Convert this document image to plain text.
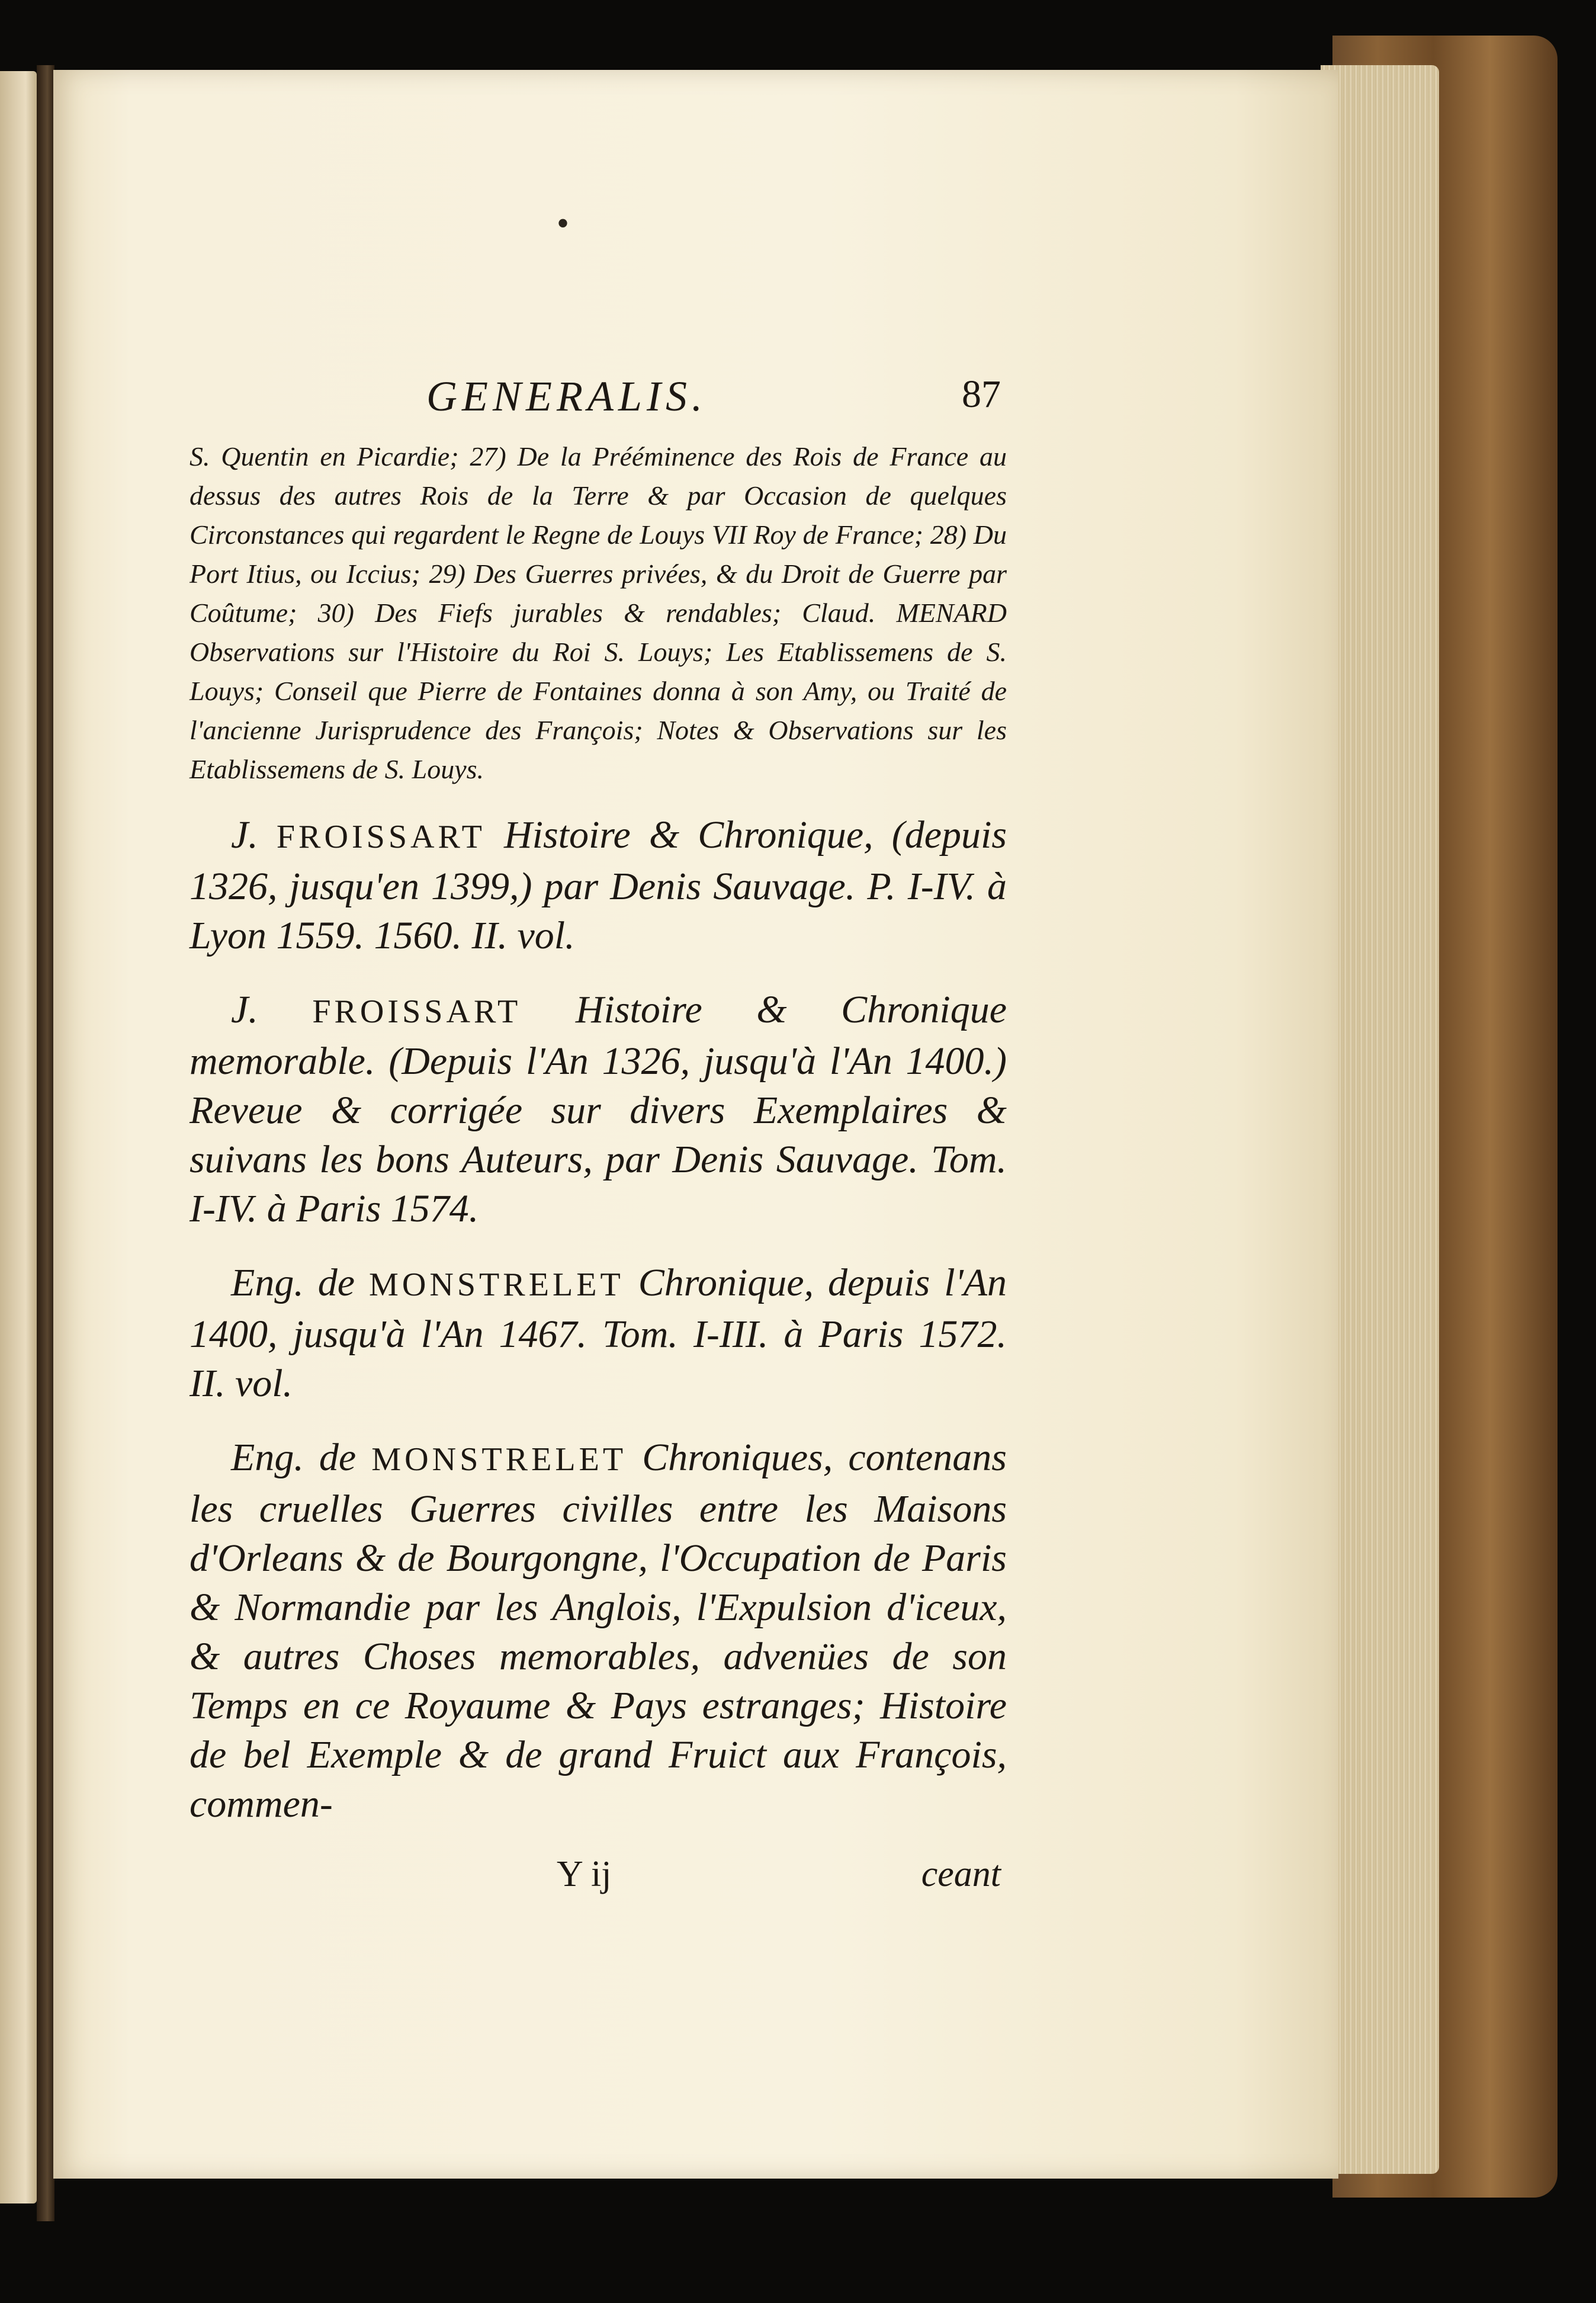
•
GENERALIS.	87

S. Quentin en Picardie; 27) De la Prééminence des Rois de France au dessus des autres Rois de la Terre & par Occasion de quelques Circonstances qui regardent le Regne de Louys VII Roy de France; 28) Du Port Itius, ou Iccius; 29) Des Guerres privées, & du Droit de Guerre par Coûtume; 30) Des Fiefs jurables & rendables; Claud. MENARD Observations sur l'Histoire du Roi S. Louys; Les Etablissemens de S. Louys; Conseil que Pierre de Fontaines donna à son Amy, ou Traité de l'ancienne Jurisprudence des François; Notes & Observations sur les Etablissemens de S. Louys.

J. FROISSART Histoire & Chronique, (depuis 1326, jusqu'en 1399,) par Denis Sauvage. P. I-IV. à Lyon 1559. 1560. II. vol.

J. FROISSART Histoire & Chronique memorable. (Depuis l'An 1326, jusqu'à l'An 1400.) Reveue & corrigée sur divers Exemplaires & suivans les bons Auteurs, par Denis Sauvage. Tom. I-IV. à Paris 1574.

Eng. de MONSTRELET Chronique, depuis l'An 1400, jusqu'à l'An 1467. Tom. I-III. à Paris 1572. II. vol.

Eng. de MONSTRELET Chroniques, contenans les cruelles Guerres civilles entre les Maisons d'Orleans & de Bourgongne, l'Occupation de Paris & Normandie par les Anglois, l'Expulsion d'iceux, & autres Choses memorables, advenües de son Temps en ce Royaume & Pays estranges; Histoire de bel Exemple & de grand Fruict aux François, commen-

Y ij	ceant
